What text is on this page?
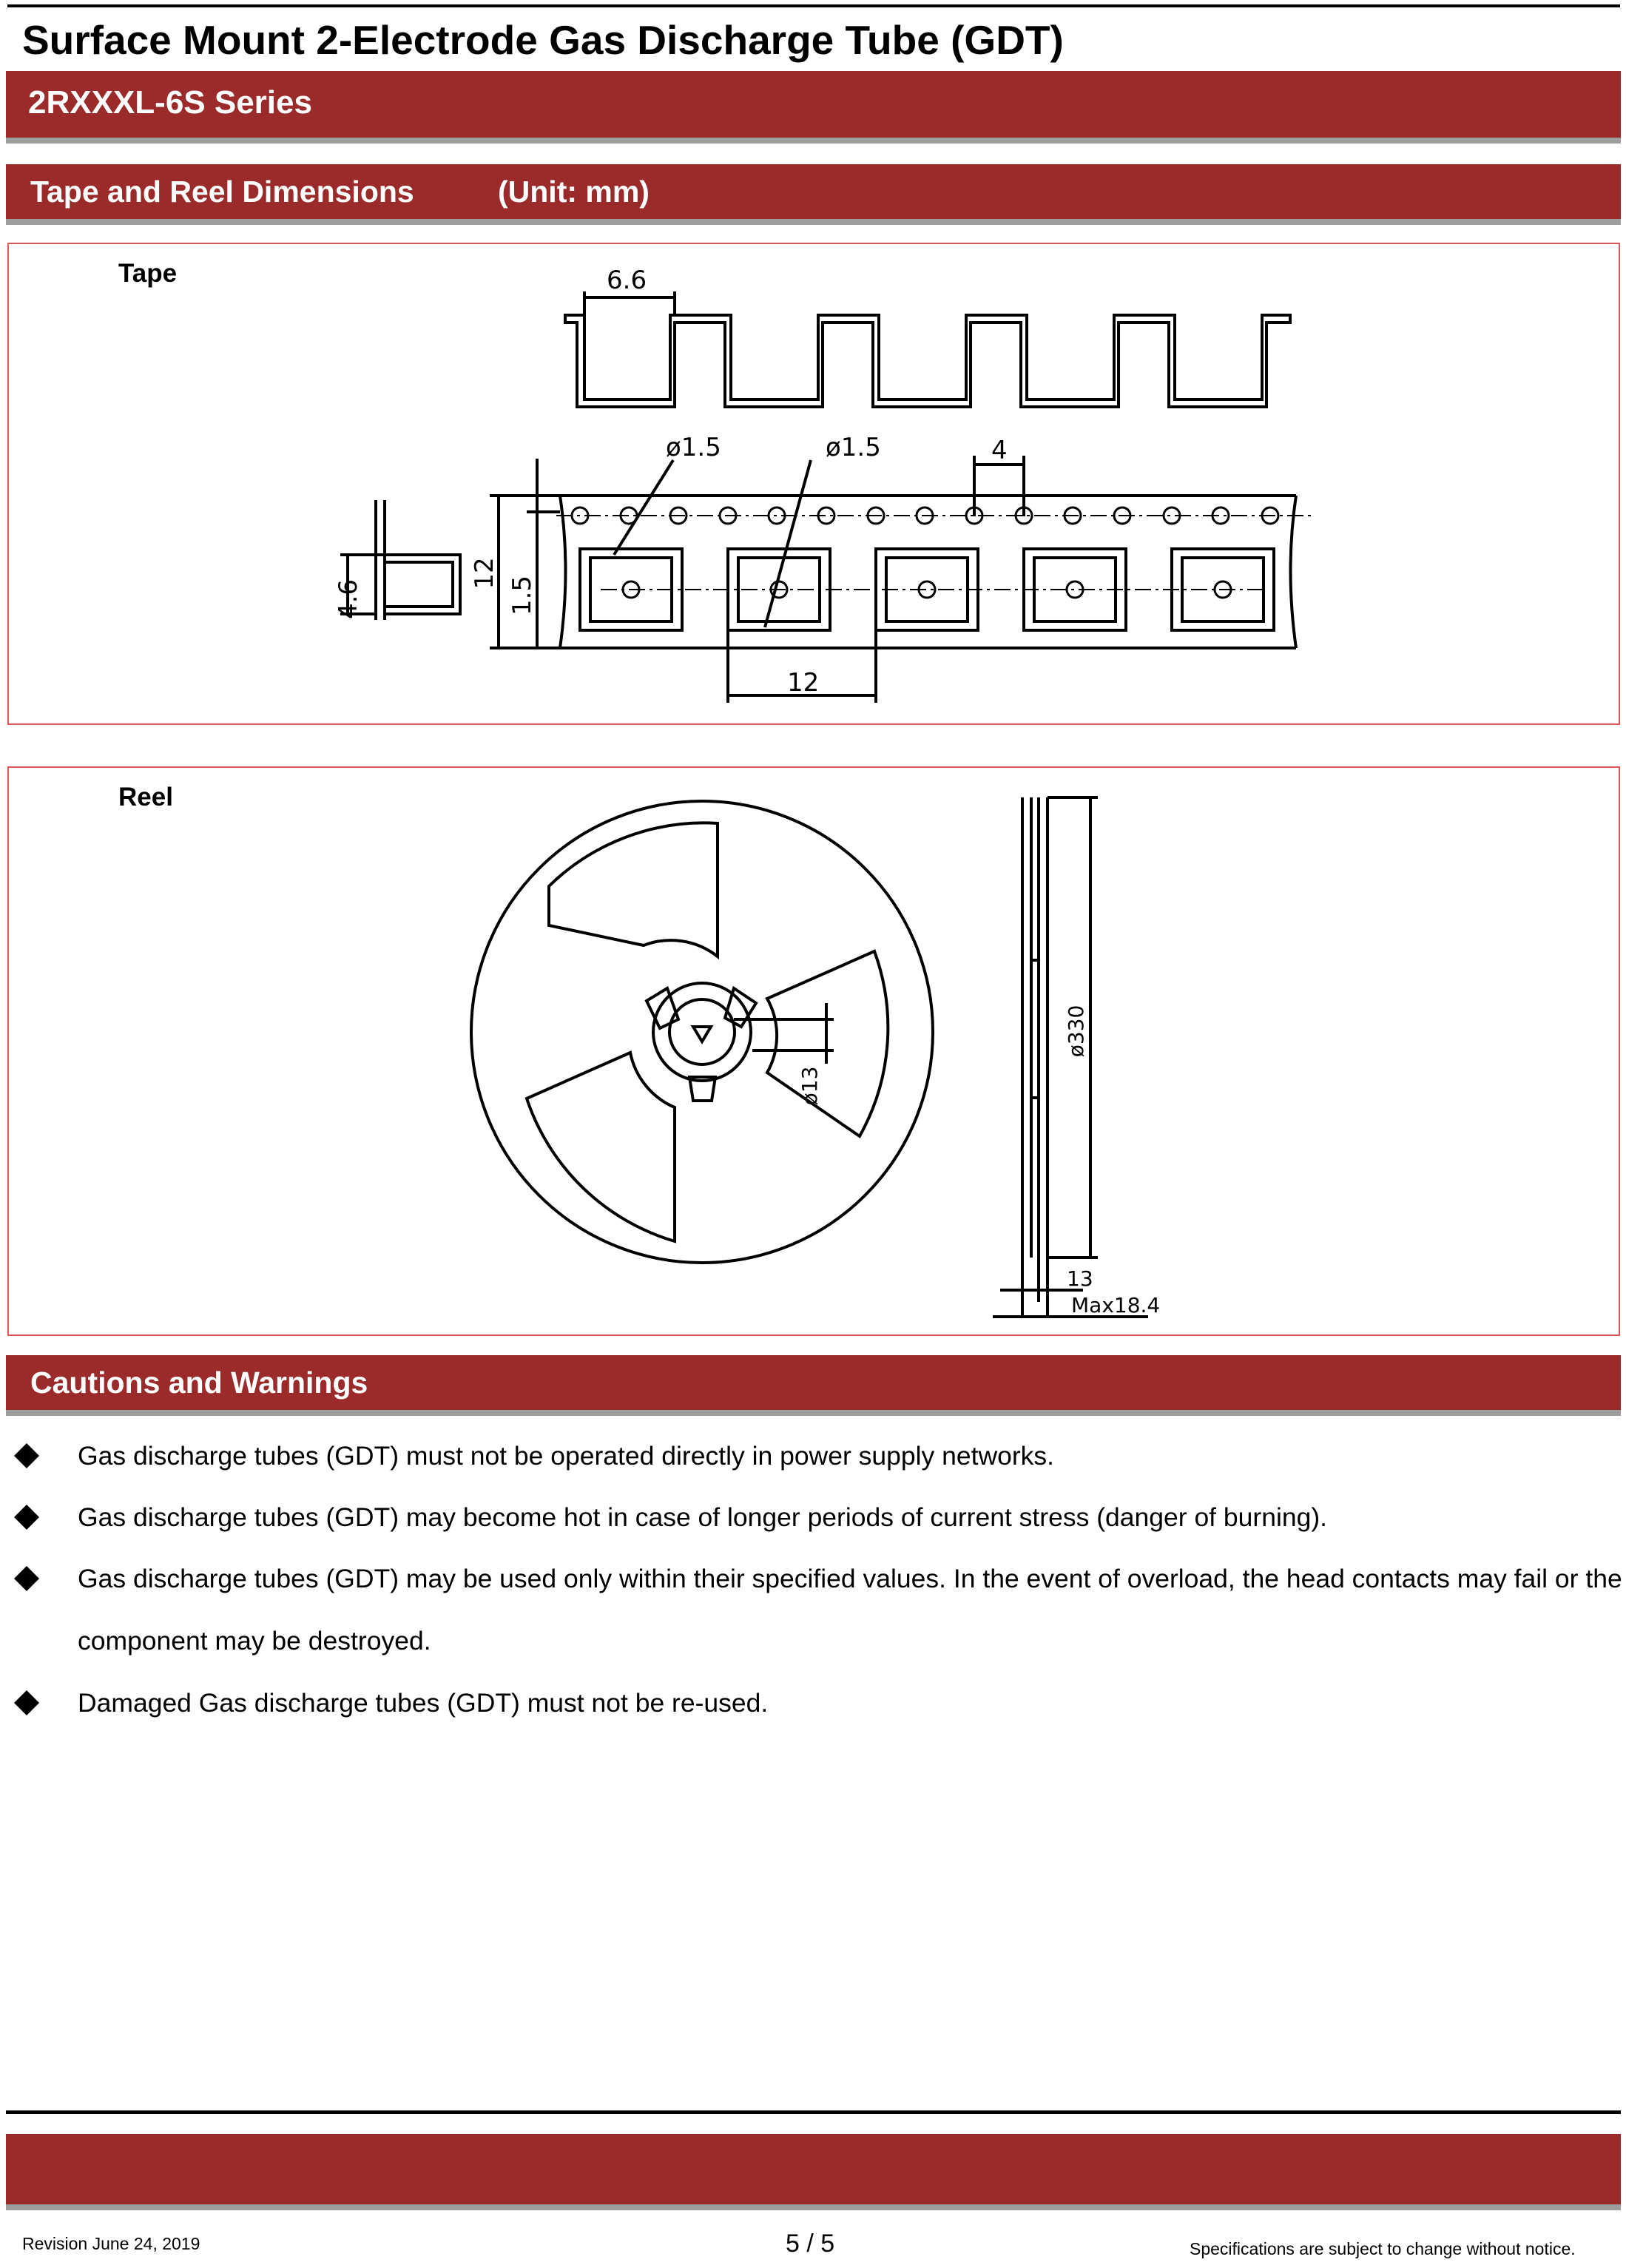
Surface Mount 2-Electrode Gas Discharge Tube (GDT)
2RXXXL-6S Series
Tape and Reel Dimensions	(Unit: mm)
Tape	6.6
ø1.5	ø1.5	4
12
4.6
12
1.5
Reel
ø13
ø330
13
Max18.4
Cautions and Warnings
Gas discharge tubes (GDT) must not be operated directly in power supply networks.
Gas discharge tubes (GDT) may become hot in case of longer periods of current stress (danger of burning).
Gas discharge tubes (GDT) may be used only within their specified values. In the event of overload, the head contacts may fail or the component may be destroyed.
Damaged Gas discharge tubes (GDT) must not be re-used.
Revision June 24, 2019	5 / 5	Specifications are subject to change without notice.
